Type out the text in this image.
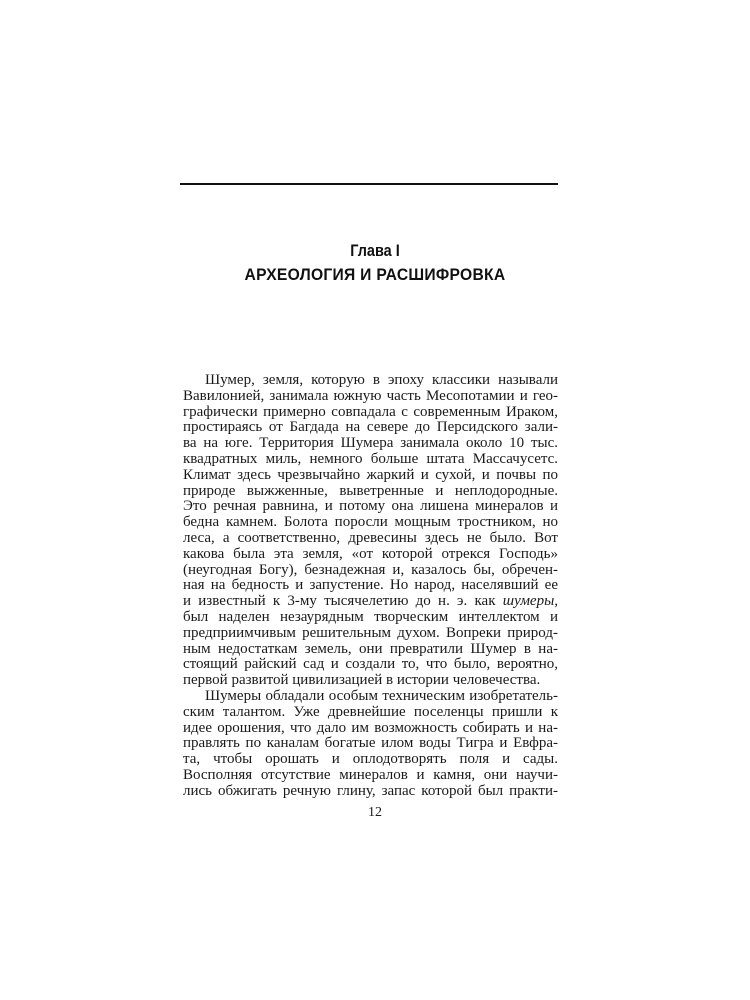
Глава I
АРХЕОЛОГИЯ И РАСШИФРОВКА
Шумер, земля, которую в эпоху классики называли
Вавилонией, занимала южную часть Месопотамии и гео-
графически примерно совпадала с современным Ираком,
простираясь от Багдада на севере до Персидского зали-
ва на юге. Территория Шумера занимала около 10 тыс.
квадратных миль, немного больше штата Массачусетс.
Климат здесь чрезвычайно жаркий и сухой, и почвы по
природе выжженные, выветренные и неплодородные.
Это речная равнина, и потому она лишена минералов и
бедна камнем. Болота поросли мощным тростником, но
леса, а соответственно, древесины здесь не было. Вот
какова была эта земля, «от которой отрекся Господь»
(неугодная Богу), безнадежная и, казалось бы, обречен-
ная на бедность и запустение. Но народ, населявший ее
и известный к 3-му тысячелетию до н. э. как шумеры,
был наделен незаурядным творческим интеллектом и
предприимчивым решительным духом. Вопреки природ-
ным недостаткам земель, они превратили Шумер в на-
стоящий райский сад и создали то, что было, вероятно,
первой развитой цивилизацией в истории человечества.
Шумеры обладали особым техническим изобретатель-
ским талантом. Уже древнейшие поселенцы пришли к
идее орошения, что дало им возможность собирать и на-
правлять по каналам богатые илом воды Тигра и Евфра-
та, чтобы орошать и оплодотворять поля и сады.
Восполняя отсутствие минералов и камня, они научи-
лись обжигать речную глину, запас которой был практи-
12
